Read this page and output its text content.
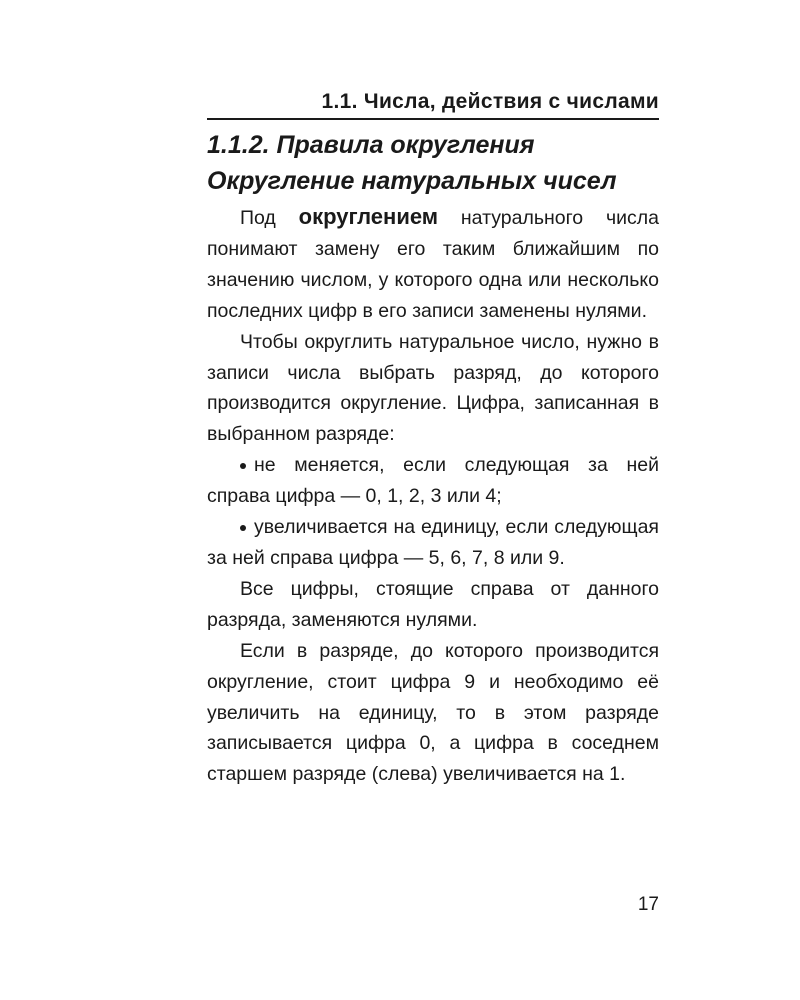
1.1. Числа, действия с числами
1.1.2. Правила округления
Округление натуральных чисел

Под округлением натурального числа понимают замену его таким ближайшим по значению числом, у которого одна или несколько последних цифр в его записи заменены нулями.

Чтобы округлить натуральное число, нужно в записи числа выбрать разряд, до которого производится округление. Цифра, записанная в выбранном разряде:

не меняется, если следующая за ней справа цифра — 0, 1, 2, 3 или 4;

увеличивается на единицу, если следующая за ней справа цифра — 5, 6, 7, 8 или 9.

Все цифры, стоящие справа от данного разряда, заменяются нулями.

Если в разряде, до которого производится округление, стоит цифра 9 и необходимо её увеличить на единицу, то в этом разряде записывается цифра 0, а цифра в соседнем старшем разряде (слева) увеличивается на 1.

17
